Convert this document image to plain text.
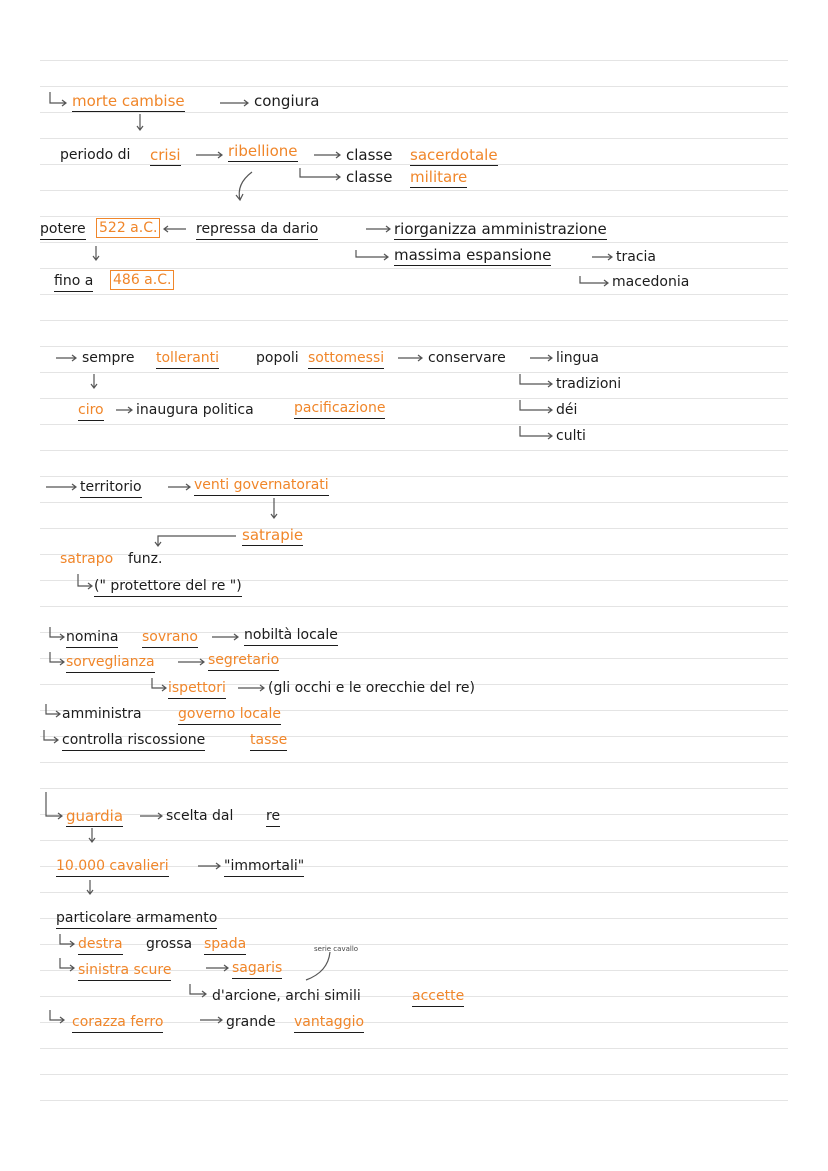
morte cambise	congiura
periodo di crisi	ribellione	classe sacerdotale
classe militare
potere 522 a.C.	repressa da dario	riorganizza amministrazione
massima espansione	tracia
macedonia
fino a 486 a.C.
sempre tolleranti	popoli sottomessi	conservare	lingua
tradizioni
déi
culti
ciro inaugura politica	pacificazione
territorio	venti governatorati
satrapie
satrapo funz.
(" protettore del re ")
nomina sovrano	nobiltà locale
sorveglianza	segretario
ispettori	(gli occhi e le orecchie del re)
amministra	governo locale
controlla riscossione	tasse
guardia	scelta dal re
10.000 cavalieri	"immortali"
particolare armamento
destra grossa spada	serie cavallo
sinistra scure	sagaris
d'arcione, archi simili	accette
corazza ferro	grande vantaggio
